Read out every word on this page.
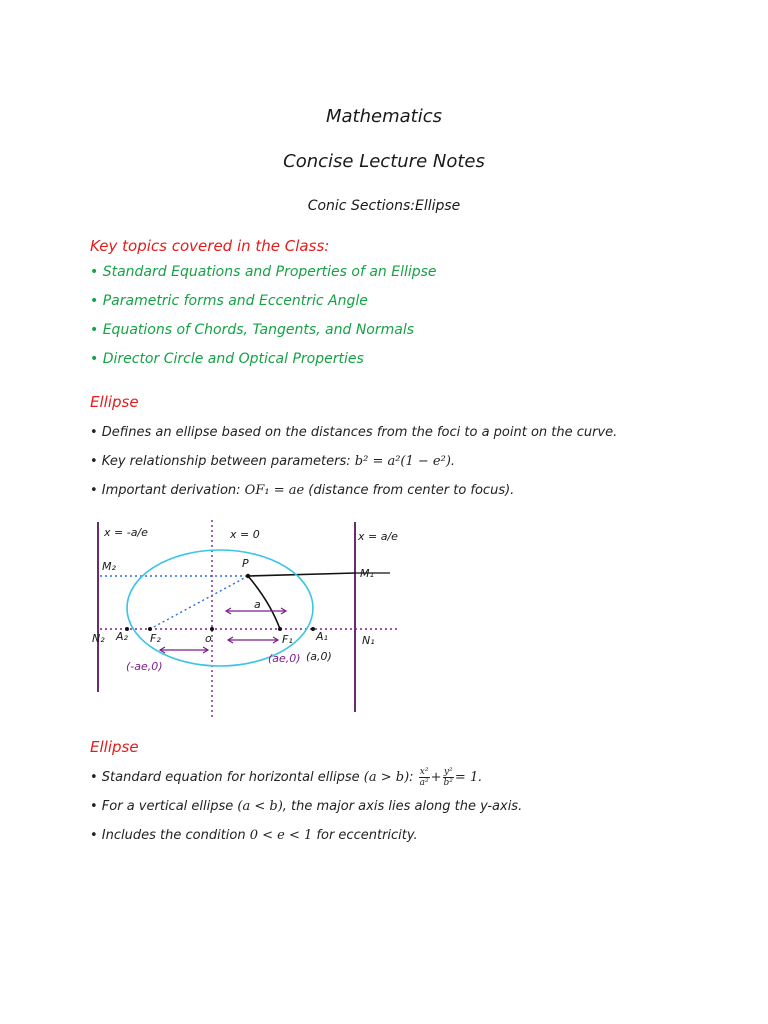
Mathematics
Concise Lecture Notes
Conic Sections:Ellipse
Key topics covered in the Class:
• Standard Equations and Properties of an Ellipse
• Parametric forms and Eccentric Angle
• Equations of Chords, Tangents, and Normals
• Director Circle and Optical Properties
Ellipse
• Defines an ellipse based on the distances from the foci to a point on the curve.
• Key relationship between parameters: b² = a²(1 − e²).
• Important derivation: OF₁ = ae (distance from center to focus).
x = -a/e	x = 0	x = a/e
P
M₁
M₂
N₁
N₂	A₁
A₂	F₁
F₂	o
a
(-ae,0)
(ae,0) (a,0)
Ellipse
• Standard equation for horizontal ellipse (a > b): $\frac{\text{x²}}{\text{a²}} + \frac{\text{y²}}{\text{b²}} = 1$.
• For a vertical ellipse (a < b), the major axis lies along the y-axis.
• Includes the condition 0 < e < 1 for eccentricity.
